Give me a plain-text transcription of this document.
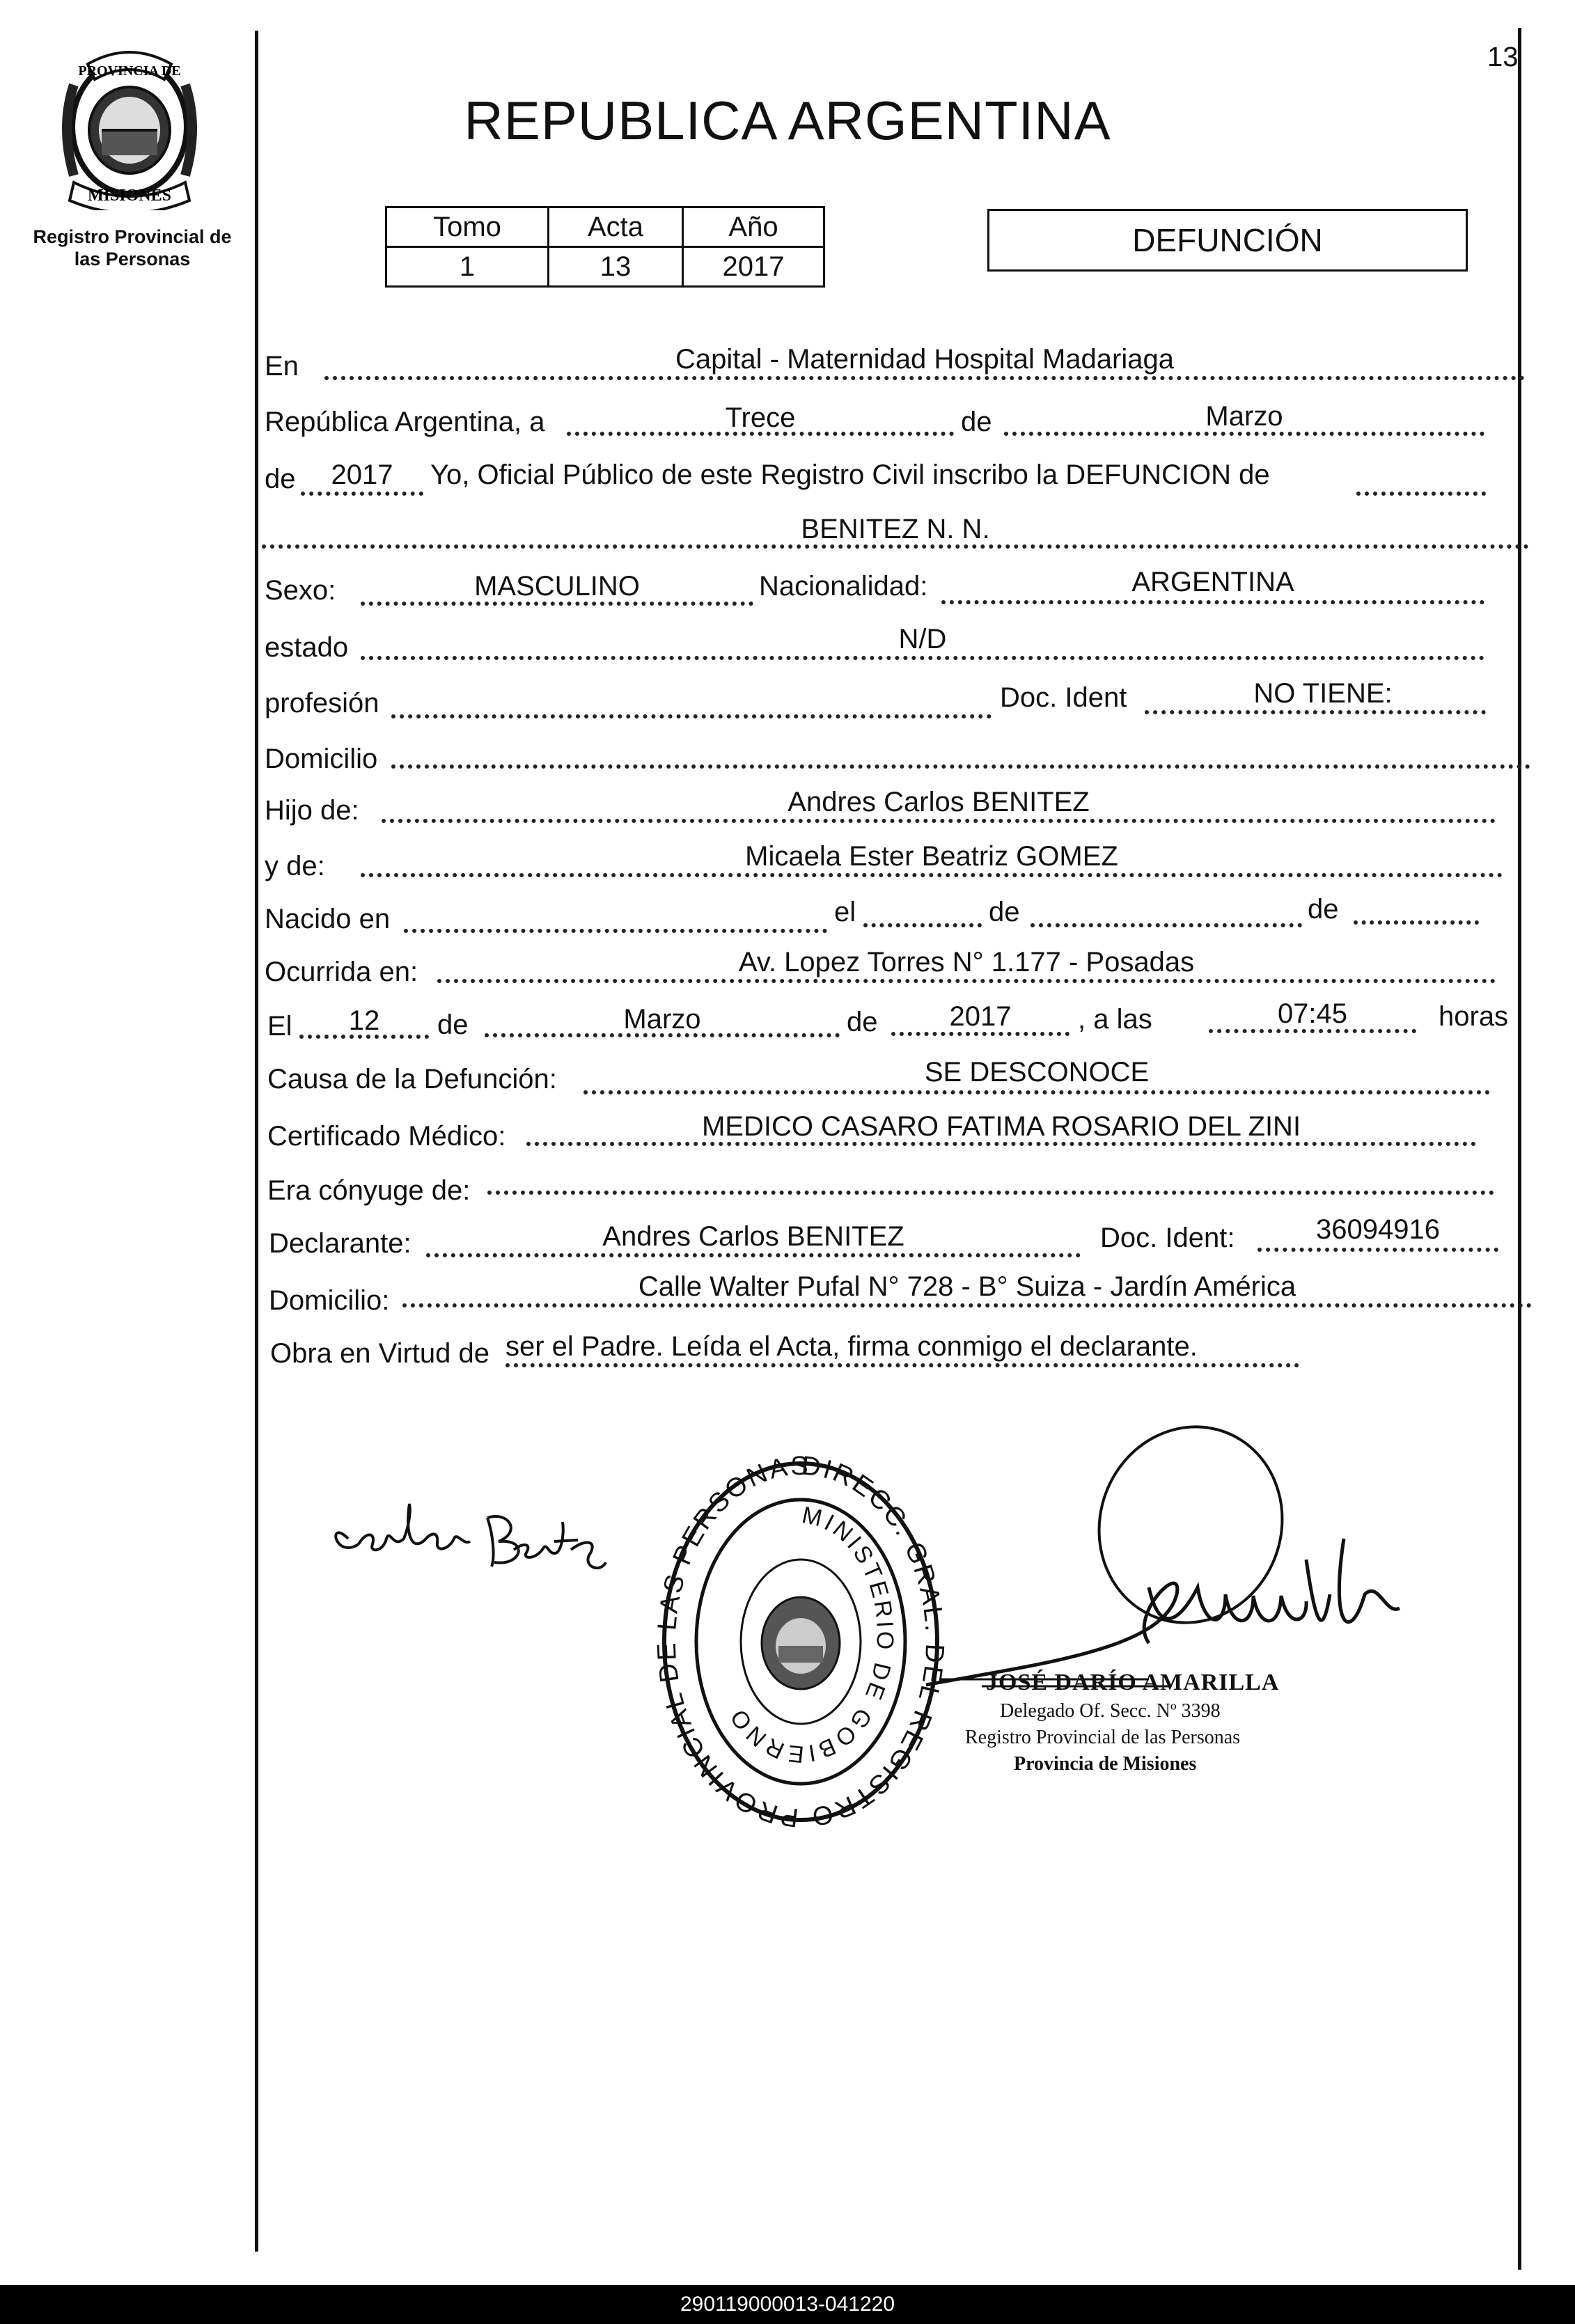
13
PROVINCIA DE
MISIONES
Registro Provincial de las Personas
REPUBLICA ARGENTINA
Tomo	Acta	Año
1	13	2017
DEFUNCIÓN
En	Capital - Maternidad Hospital Madariaga
República Argentina, a	Trece	de	Marzo
de	2017	Yo, Oficial Público de este Registro Civil inscribo la DEFUNCION de
BENITEZ N. N.
Sexo:	MASCULINO	Nacionalidad:	ARGENTINA
estado	N/D
profesión	Doc. Ident	NO TIENE:
Domicilio
Hijo de:	Andres Carlos BENITEZ
y de:	Micaela Ester Beatriz GOMEZ
Nacido en	el	de	de
Ocurrida en:	Av. Lopez Torres N° 1.177 - Posadas
El	12	de	Marzo	de	2017	, a las	07:45	horas
Causa de la Defunción:	SE DESCONOCE
Certificado Médico:	MEDICO CASARO FATIMA ROSARIO DEL ZINI
Era cónyuge de:
Declarante:	Andres Carlos BENITEZ	Doc. Ident:	36094916
Domicilio:	Calle Walter Pufal N° 728 - B° Suiza - Jardín América
Obra en Virtud de ser el Padre. Leída el Acta, firma conmigo el declarante.
DIRECC. GRAL. DEL REGISTRO PROVINCIAL DE LAS PERSONAS
MINISTERIO DE GOBIERNO
JOSÉ DARÍO AMARILLA
Delegado Of. Secc. Nº 3398
Registro Provincial de las Personas
Provincia de Misiones
290119000013-041220
